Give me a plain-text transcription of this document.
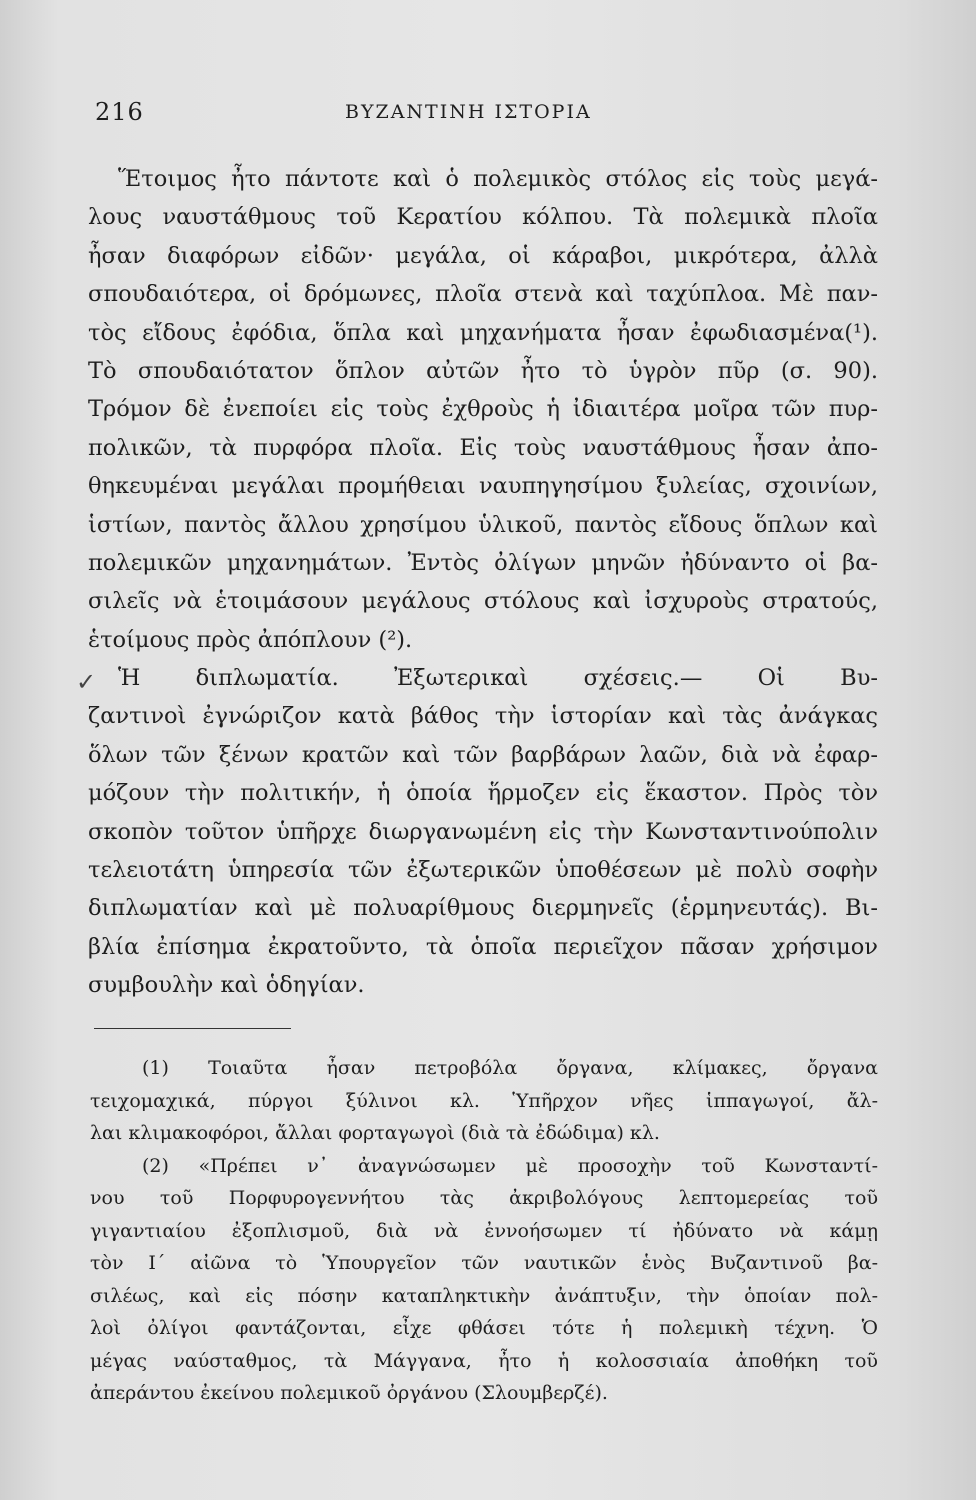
216	ΒΥΖΑΝΤΙΝΗ ΙΣΤΟΡΙΑ
✓
Ἕτοιμος ἦτο πάντοτε καὶ ὁ πολεμικὸς στόλος εἰς τοὺς μεγά-
λους ναυστάθμους τοῦ Κερατίου κόλπου. Τὰ πολεμικὰ πλοῖα
ἦσαν διαφόρων εἰδῶν· μεγάλα, οἱ κάραβοι, μικρότερα, ἀλλὰ
σπουδαιότερα, οἱ δρόμωνες, πλοῖα στενὰ καὶ ταχύπλοα. Μὲ παν-
τὸς εἴδους ἐφόδια, ὅπλα καὶ μηχανήματα ἦσαν ἐφωδιασμένα(¹).
Τὸ σπουδαιότατον ὅπλον αὐτῶν ἦτο τὸ ὑγρὸν πῦρ (σ. 90).
Τρόμον δὲ ἐνεποίει εἰς τοὺς ἐχθροὺς ἡ ἰδιαιτέρα μοῖρα τῶν πυρ-
πολικῶν, τὰ πυρφόρα πλοῖα. Εἰς τοὺς ναυστάθμους ἦσαν ἀπο-
θηκευμέναι μεγάλαι προμήθειαι ναυπηγησίμου ξυλείας, σχοινίων,
ἱστίων, παντὸς ἄλλου χρησίμου ὑλικοῦ, παντὸς εἴδους ὅπλων καὶ
πολεμικῶν μηχανημάτων. Ἐντὸς ὀλίγων μηνῶν ἠδύναντο οἱ βα-
σιλεῖς νὰ ἑτοιμάσουν μεγάλους στόλους καὶ ἰσχυροὺς στρατούς,
ἑτοίμους πρὸς ἀπόπλουν (²).
Ἡ διπλωματία. Ἐξωτερικαὶ σχέσεις.— Οἱ Βυ-
ζαντινοὶ ἐγνώριζον κατὰ βάθος τὴν ἱστορίαν καὶ τὰς ἀνάγκας
ὅλων τῶν ξένων κρατῶν καὶ τῶν βαρβάρων λαῶν, διὰ νὰ ἐφαρ-
μόζουν τὴν πολιτικήν, ἡ ὁποία ἥρμοζεν εἰς ἕκαστον. Πρὸς τὸν
σκοπὸν τοῦτον ὑπῆρχε διωργανωμένη εἰς τὴν Κωνσταντινούπολιν
τελειοτάτη ὑπηρεσία τῶν ἐξωτερικῶν ὑποθέσεων μὲ πολὺ σοφὴν
διπλωματίαν καὶ μὲ πολυαρίθμους διερμηνεῖς (ἑρμηνευτάς). Βι-
βλία ἐπίσημα ἐκρατοῦντο, τὰ ὁποῖα περιεῖχον πᾶσαν χρήσιμον
συμβουλὴν καὶ ὁδηγίαν.
(1) Τοιαῦτα ἦσαν πετροβόλα ὄργανα, κλίμακες, ὄργανα
τειχομαχικά, πύργοι ξύλινοι κλ. Ὑπῆρχον νῆες ἱππαγωγοί, ἄλ-
λαι κλιμακοφόροι, ἄλλαι φορταγωγοὶ (διὰ τὰ ἐδώδιμα) κλ.
(2) «Πρέπει ν᾽ ἀναγνώσωμεν μὲ προσοχὴν τοῦ Κωνσταντί-
νου τοῦ Πορφυρογεννήτου τὰς ἀκριβολόγους λεπτομερείας τοῦ
γιγαντιαίου ἐξοπλισμοῦ, διὰ νὰ ἐννοήσωμεν τί ἠδύνατο νὰ κάμῃ
τὸν Ι΄ αἰῶνα τὸ Ὑπουργεῖον τῶν ναυτικῶν ἑνὸς Βυζαντινοῦ βα-
σιλέως, καὶ εἰς πόσην καταπληκτικὴν ἀνάπτυξιν, τὴν ὁποίαν πολ-
λοὶ ὀλίγοι φαντάζονται, εἶχε φθάσει τότε ἡ πολεμικὴ τέχνη. Ὁ
μέγας ναύσταθμος, τὰ Μάγγανα, ἦτο ἡ κολοσσιαία ἀποθήκη τοῦ
ἀπεράντου ἐκείνου πολεμικοῦ ὀργάνου (Σλουμβερζέ).
